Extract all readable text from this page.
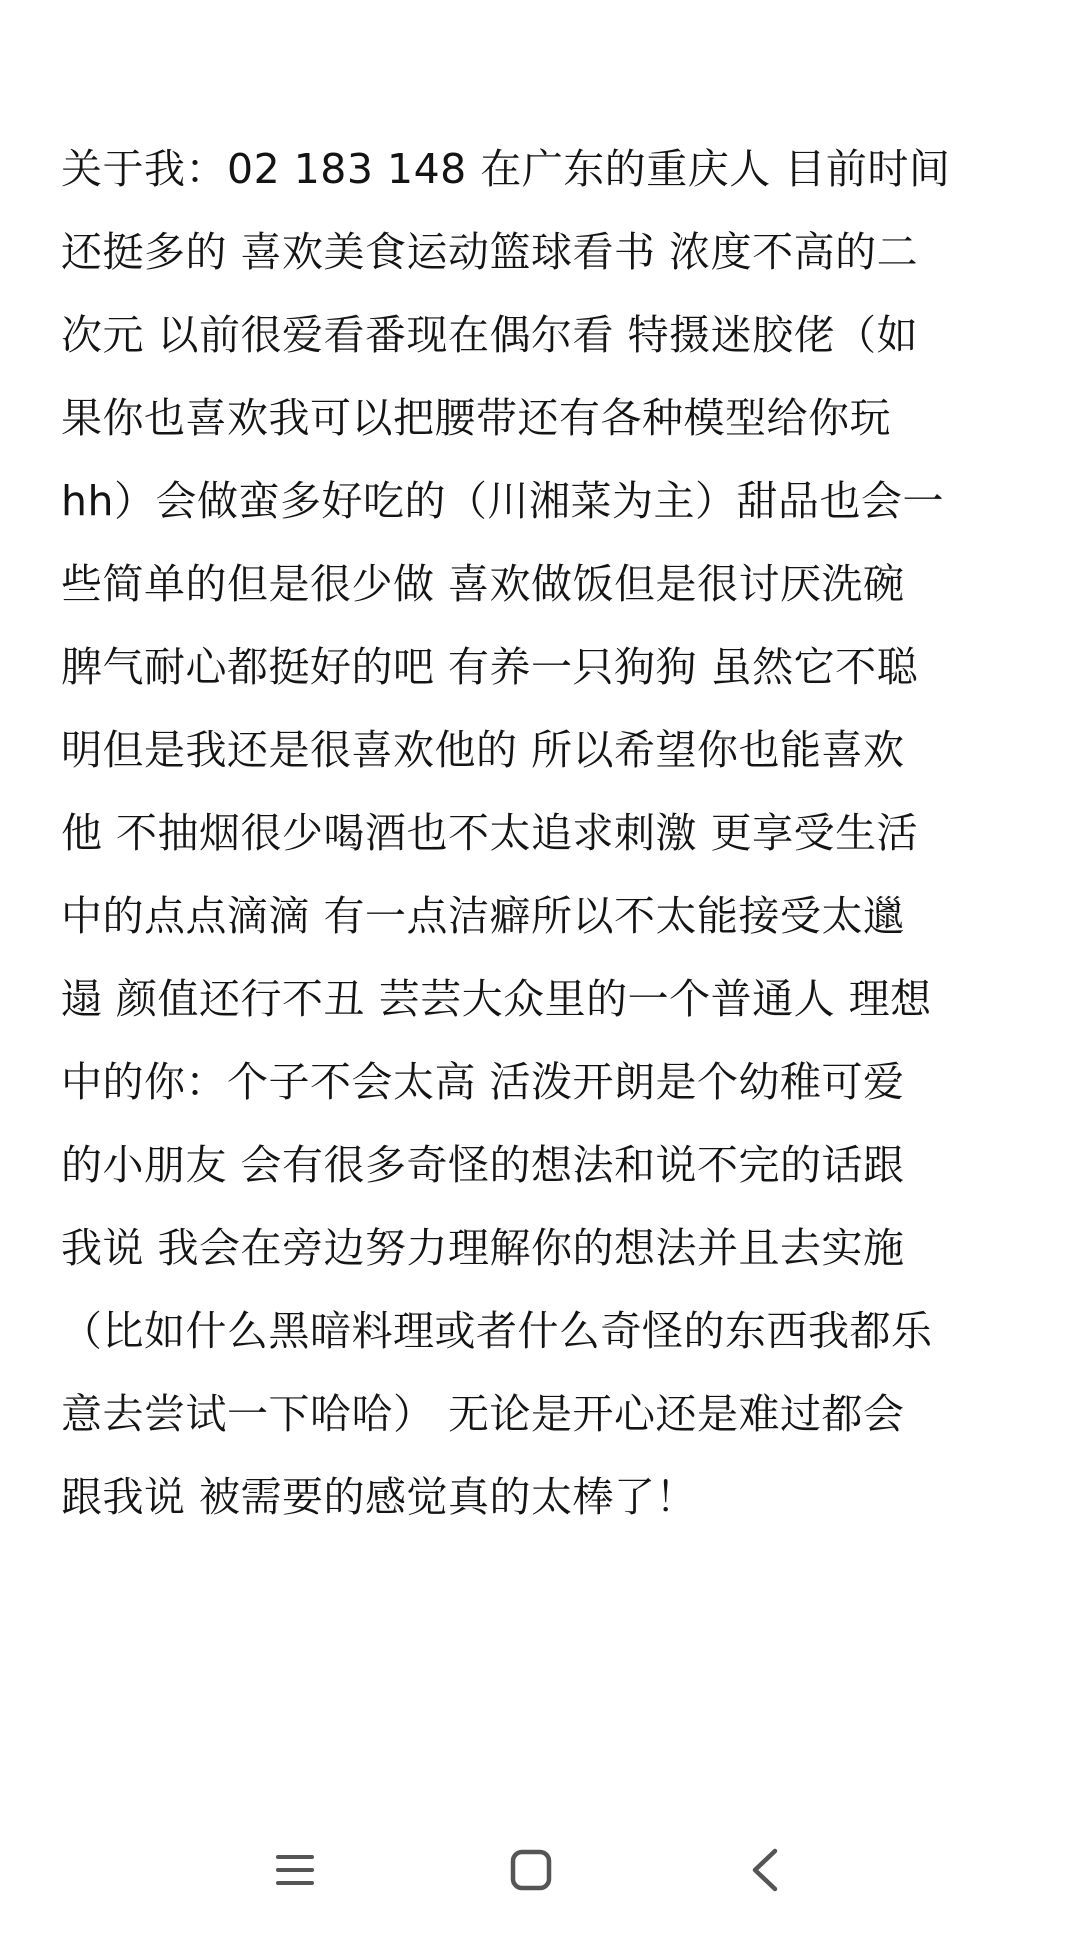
关于我：02 183 148 在广东的重庆人 目前时间
还挺多的 喜欢美食运动篮球看书 浓度不高的二
次元 以前很爱看番现在偶尔看 特摄迷胶佬（如
果你也喜欢我可以把腰带还有各种模型给你玩
hh）会做蛮多好吃的（川湘菜为主）甜品也会一
些简单的但是很少做 喜欢做饭但是很讨厌洗碗
脾气耐心都挺好的吧 有养一只狗狗 虽然它不聪
明但是我还是很喜欢他的 所以希望你也能喜欢
他 不抽烟很少喝酒也不太追求刺激 更享受生活
中的点点滴滴 有一点洁癖所以不太能接受太邋
遢 颜值还行不丑 芸芸大众里的一个普通人 理想
中的你：个子不会太高 活泼开朗是个幼稚可爱
的小朋友 会有很多奇怪的想法和说不完的话跟
我说 我会在旁边努力理解你的想法并且去实施
（比如什么黑暗料理或者什么奇怪的东西我都乐
意去尝试一下哈哈） 无论是开心还是难过都会
跟我说 被需要的感觉真的太棒了！
